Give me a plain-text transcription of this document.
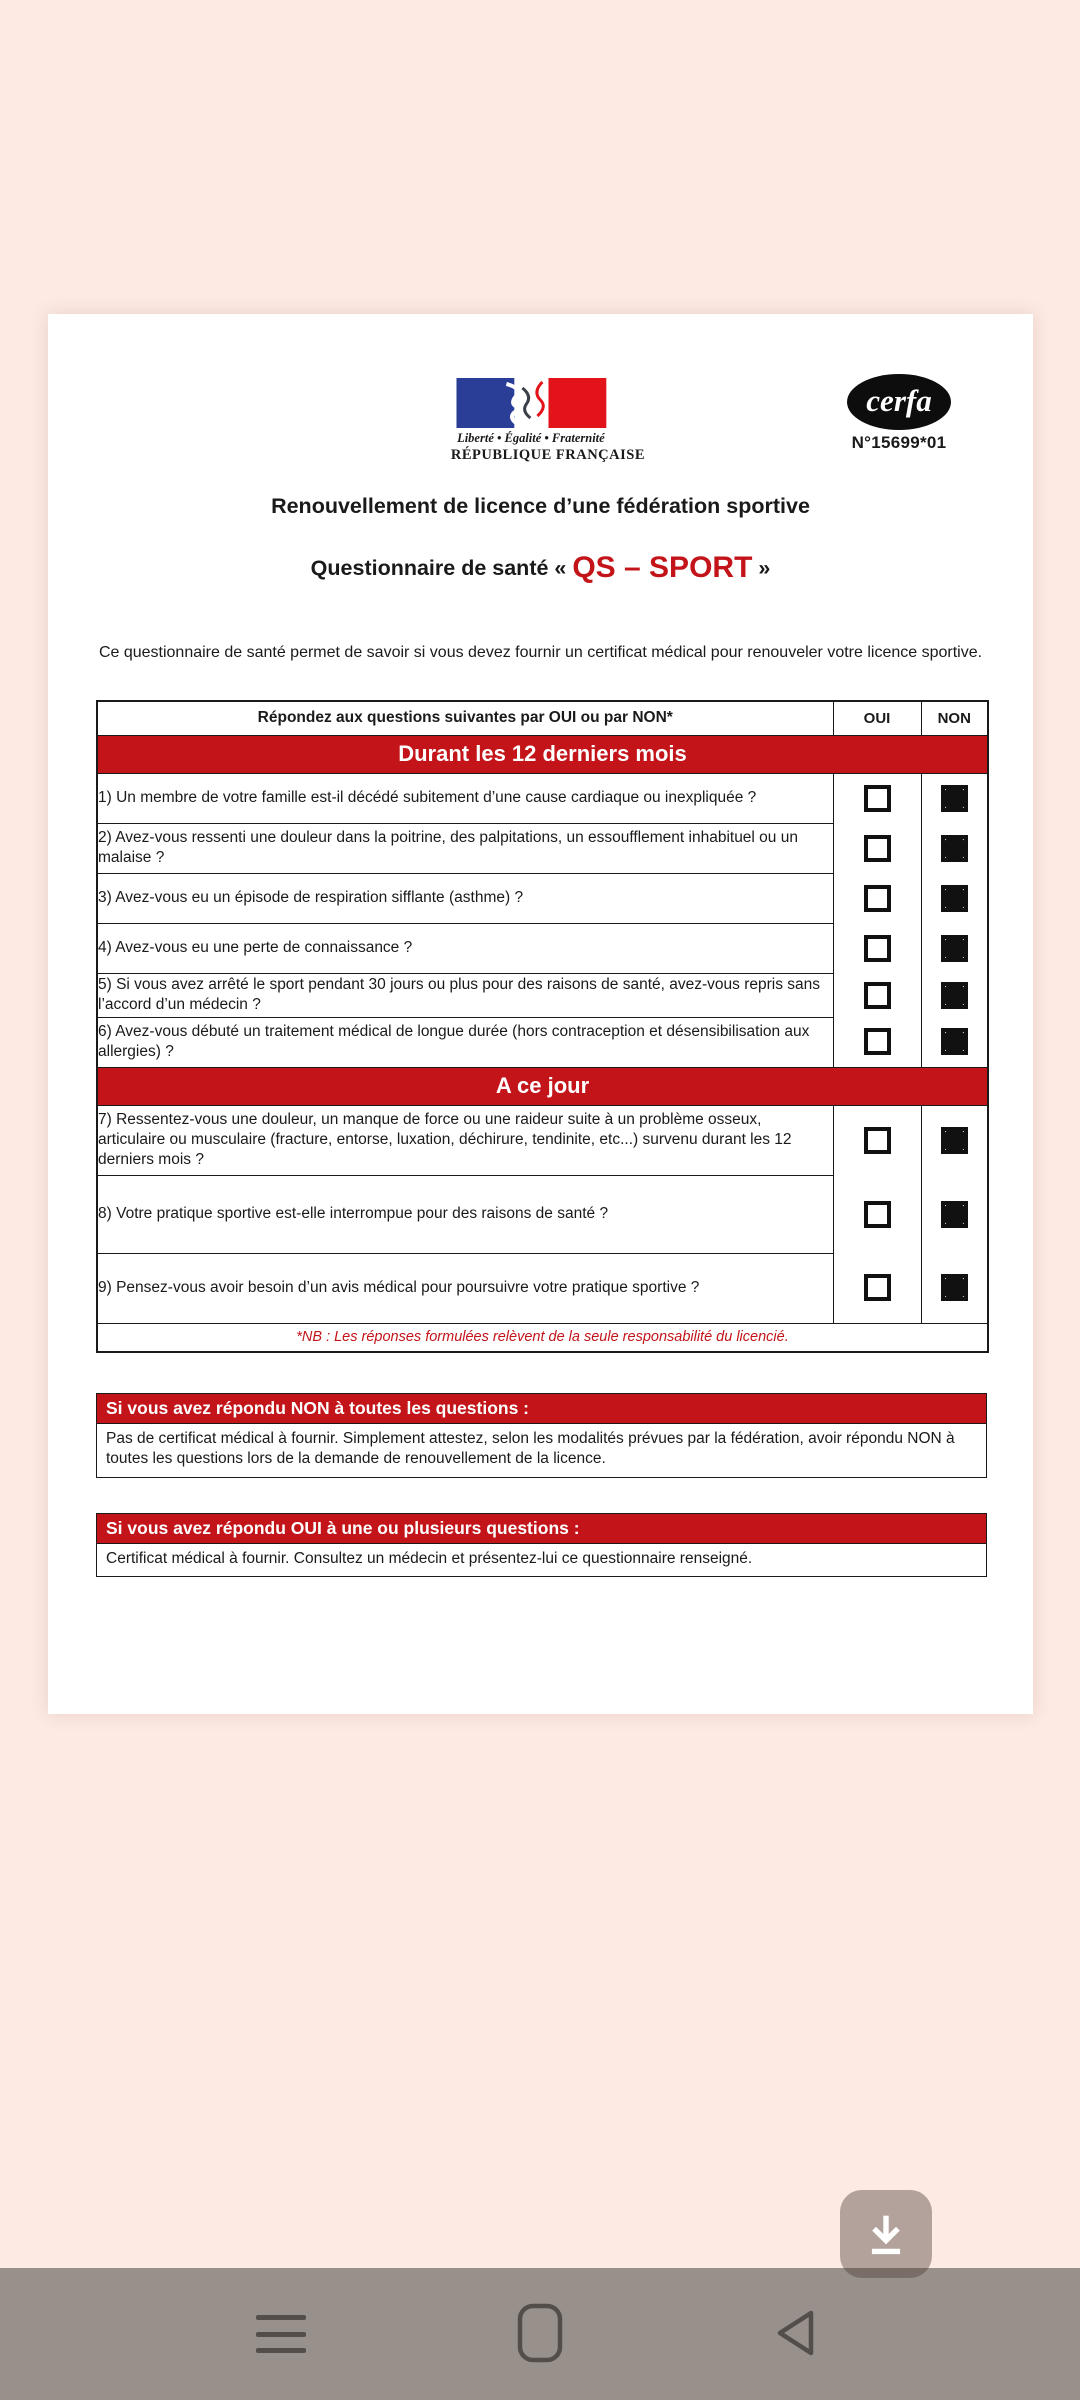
Liberté • Égalité • Fraternité
RÉPUBLIQUE FRANÇAISE
cerfa
N°15699*01
Renouvellement de licence d’une fédération sportive
Questionnaire de santé « QS – SPORT »

Ce questionnaire de santé permet de savoir si vous devez fournir un certificat médical pour renouveler votre licence sportive.

Répondez aux questions suivantes par OUI ou par NON*	OUI	NON
Durant les 12 derniers mois		
1) Un membre de votre famille est-il décédé subitement d’une cause cardiaque ou inexpliquée ?	

2) Avez-vous ressenti une douleur dans la poitrine, des palpitations, un essoufflement inhabituel ou un malaise ?	

3) Avez-vous eu un épisode de respiration sifflante (asthme) ?	

4) Avez-vous eu une perte de connaissance ?	

5) Si vous avez arrêté le sport pendant 30 jours ou plus pour des raisons de santé, avez-vous repris sans l’accord d’un médecin ?	

6) Avez-vous débuté un traitement médical de longue durée (hors contraception et désensibilisation aux allergies) ?	

A ce jour		
7) Ressentez-vous une douleur, un manque de force ou une raideur suite à un problème osseux, articulaire ou musculaire (fracture, entorse, luxation, déchirure, tendinite, etc...) survenu durant les 12 derniers mois ?	

8) Votre pratique sportive est-elle interrompue pour des raisons de santé ?	

9) Pensez-vous avoir besoin d’un avis médical pour poursuivre votre pratique sportive ?	

*NB : Les réponses formulées relèvent de la seule responsabilité du licencié.		
Si vous avez répondu NON à toutes les questions :
Pas de certificat médical à fournir. Simplement attestez, selon les modalités prévues par la fédération, avoir répondu NON à toutes les questions lors de la demande de renouvellement de la licence.
Si vous avez répondu OUI à une ou plusieurs questions :
Certificat médical à fournir. Consultez un médecin et présentez-lui ce questionnaire renseigné.
